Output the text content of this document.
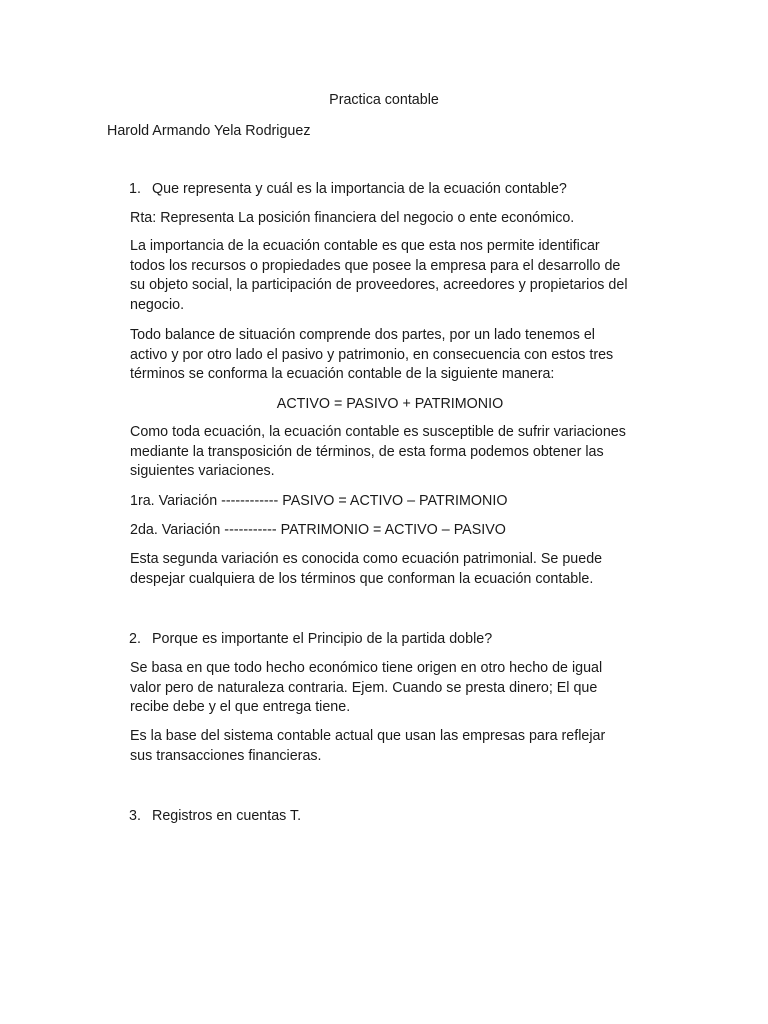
Practica contable
Harold Armando Yela Rodriguez
1. Que representa y cuál es la importancia de la ecuación contable?
Rta: Representa La posición financiera del negocio o ente económico.

La importancia de la ecuación contable es que esta nos permite identificar

todos los recursos o propiedades que posee la empresa para el desarrollo de

su objeto social, la participación de proveedores, acreedores y propietarios del

negocio.

Todo balance de situación comprende dos partes, por un lado tenemos el

activo y por otro lado el pasivo y patrimonio, en consecuencia con estos tres

términos se conforma la ecuación contable de la siguiente manera:

ACTIVO = PASIVO + PATRIMONIO

Como toda ecuación, la ecuación contable es susceptible de sufrir variaciones

mediante la transposición de términos, de esta forma podemos obtener las

siguientes variaciones.

1ra. Variación ------------ PASIVO = ACTIVO – PATRIMONIO
2da. Variación ----------- PATRIMONIO = ACTIVO – PASIVO

Esta segunda variación es conocida como ecuación patrimonial. Se puede

despejar cualquiera de los términos que conforman la ecuación contable.

2. Porque es importante el Principio de la partida doble?

Se basa en que todo hecho económico tiene origen en otro hecho de igual

valor pero de naturaleza contraria. Ejem. Cuando se presta dinero; El que

recibe debe y el que entrega tiene.

Es la base del sistema contable actual que usan las empresas para reflejar

sus transacciones financieras.

3. Registros en cuentas T.
